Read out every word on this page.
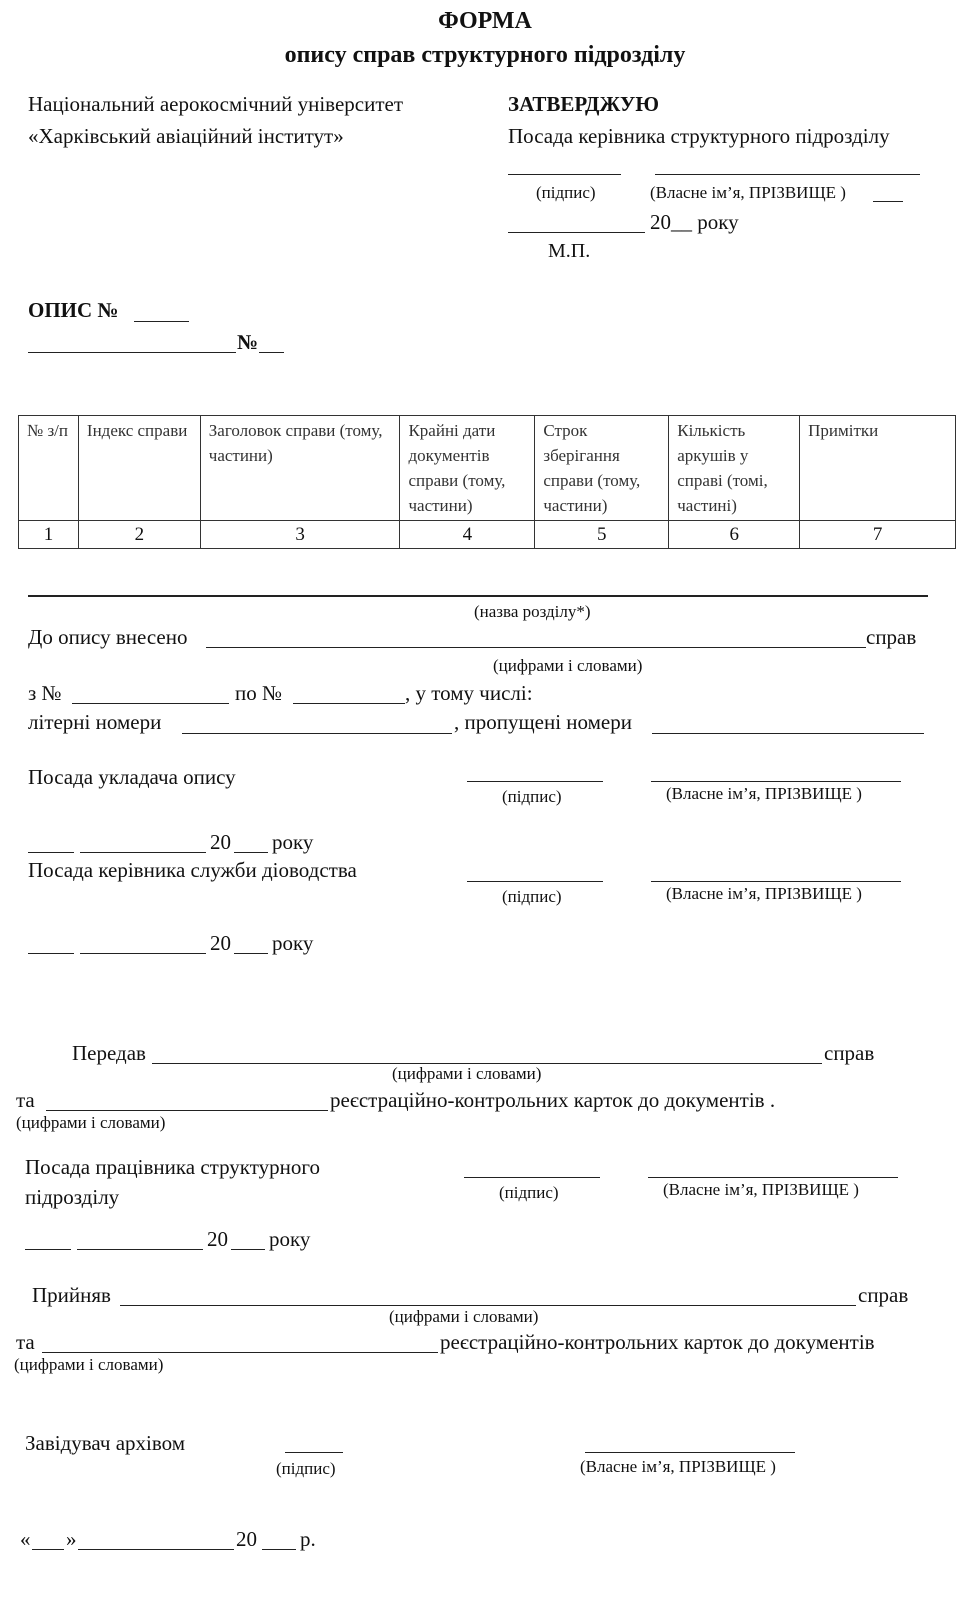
ФОРМА
опису справ структурного підрозділу
Національний аерокосмічний університет
«Харківський авіаційний інститут»
ЗАТВЕРДЖУЮ
Посада керівника структурного підрозділу
(підпис)	(Власне ім’я, ПРІЗВИЩЕ )
20__ року
М.П.
ОПИС №
№
№ з/п	Індекс справи	Заголовок справи (тому, частини)	Крайні дати документів справи (тому, частини)	Строк зберігання справи (тому, частини)	Кількість аркушів у справі (томі, частині)	Примітки
1	2	3	4	5	6	7
(назва розділу*)
До опису внесено	справ
(цифрами і словами)
з №	по №	, у тому числі:
літерні номери	, пропущені номери
Посада укладача опису
(підпис)	(Власне ім’я, ПРІЗВИЩЕ )
20 року
Посада керівника служби діоводства
(підпис)	(Власне ім’я, ПРІЗВИЩЕ )
20 року
Передав	справ
(цифрами і словами)
та	реєстраційно-контрольних карток до документів .
(цифрами і словами)
Посада працівника структурного
підрозділу	(підпис)	(Власне ім’я, ПРІЗВИЩЕ )
20 року
Прийняв	справ
(цифрами і словами)
та	реєстраційно-контрольних карток до документів
(цифрами і словами)
Завідувач архівом
(підпис)	(Власне ім’я, ПРІЗВИЩЕ )
« »	20 р.
